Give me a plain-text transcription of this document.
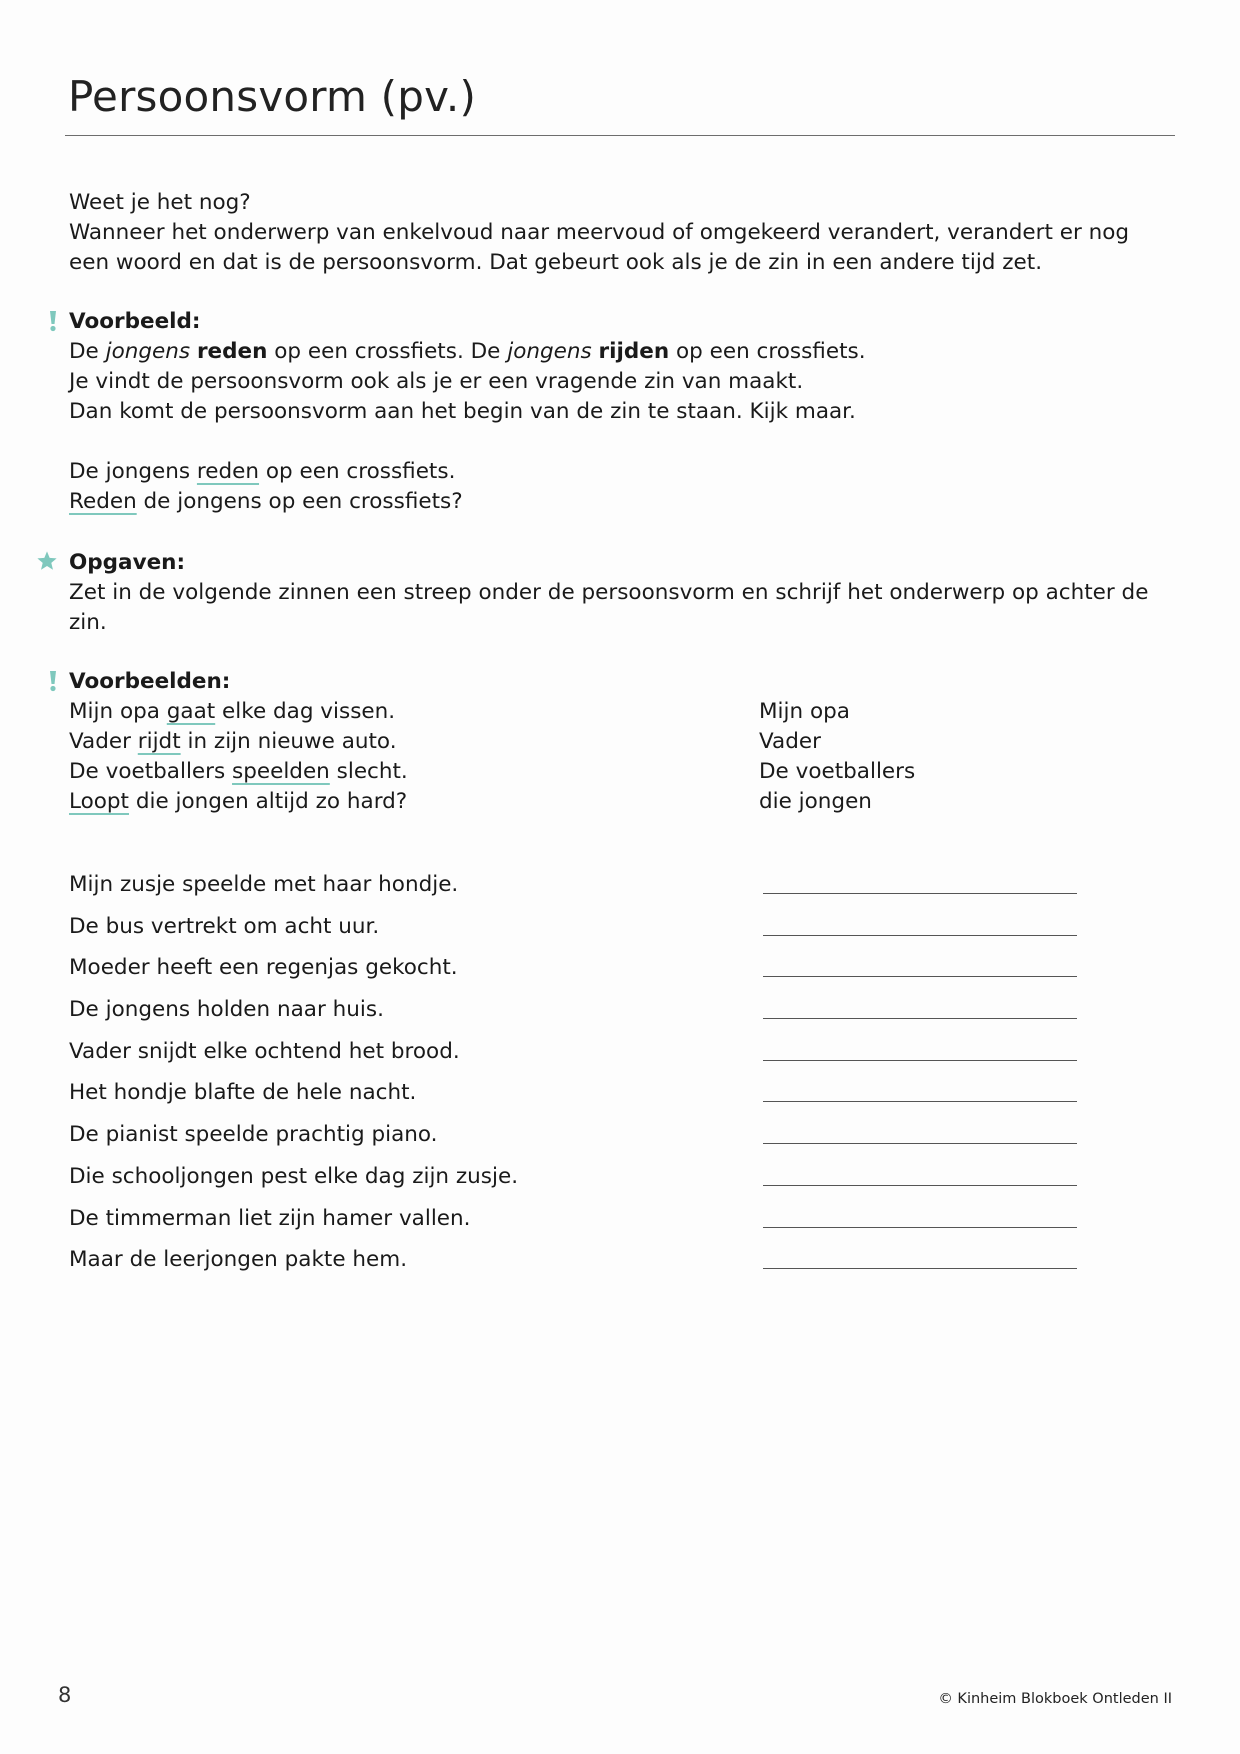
Persoonsvorm (pv.)

Weet je het nog?

Wanneer het onderwerp van enkelvoud naar meervoud of omgekeerd verandert, verandert er nog een woord en dat is de persoonsvorm. Dat gebeurt ook als je de zin in een andere tijd zet.

Voorbeeld:

De jongens reden op een crossfiets. De jongens rijden op een crossfiets.

Je vindt de persoonsvorm ook als je er een vragende zin van maakt.

Dan komt de persoonsvorm aan het begin van de zin te staan. Kijk maar.

De jongens reden op een crossfiets.

Reden de jongens op een crossfiets?

Opgaven:

Zet in de volgende zinnen een streep onder de persoonsvorm en schrijf het onderwerp op achter de zin.

Voorbeelden:

Mijn opa gaat elke dag vissen.	Mijn opa
Vader rijdt in zijn nieuwe auto.	Vader
De voetballers speelden slecht.	De voetballers
Loopt die jongen altijd zo hard?	die jongen
Mijn zusje speelde met haar hondje.
De bus vertrekt om acht uur.
Moeder heeft een regenjas gekocht.
De jongens holden naar huis.
Vader snijdt elke ochtend het brood.
Het hondje blafte de hele nacht.
De pianist speelde prachtig piano.
Die schooljongen pest elke dag zijn zusje.
De timmerman liet zijn hamer vallen.
Maar de leerjongen pakte hem.
8	© Kinheim Blokboek Ontleden II
